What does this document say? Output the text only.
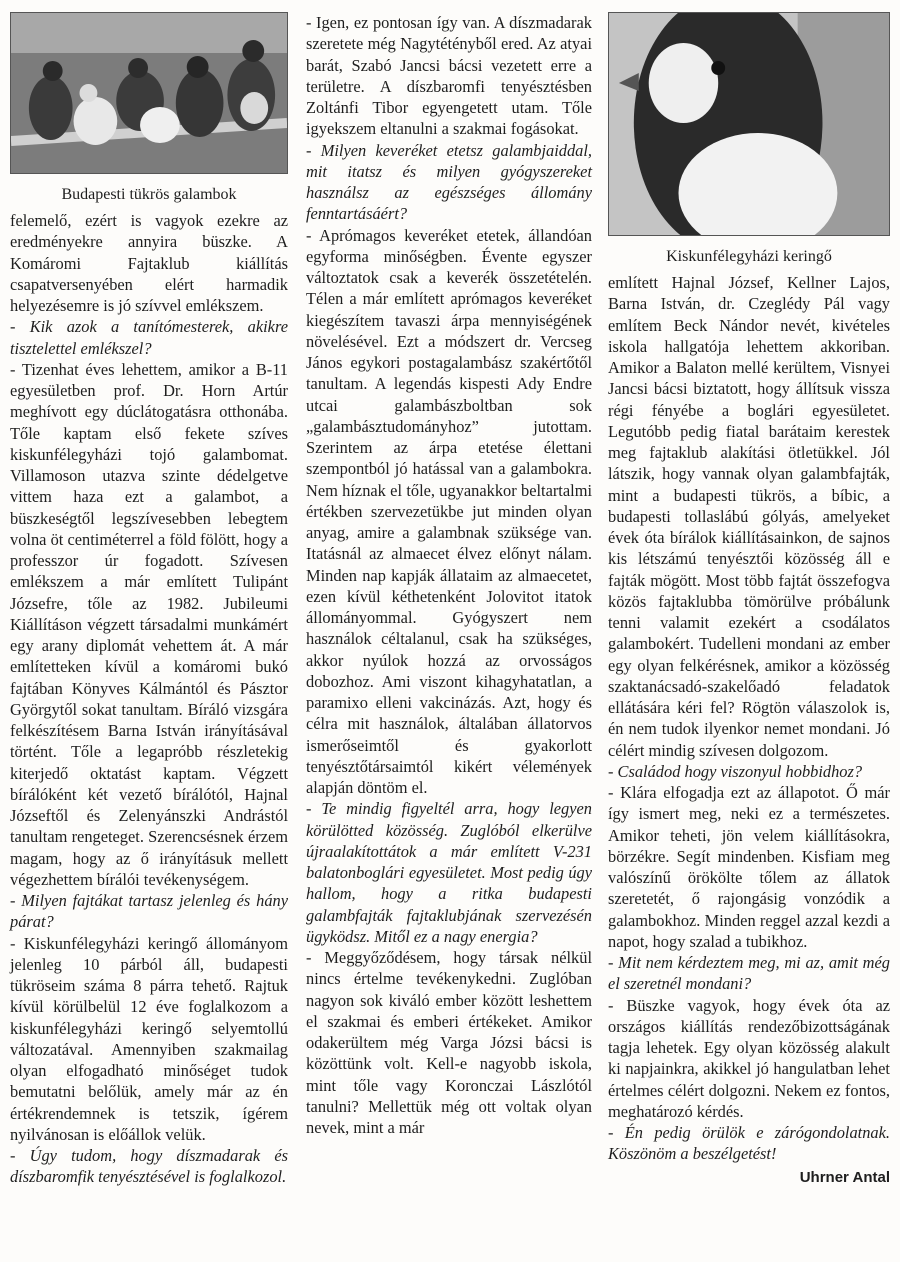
Budapesti tükrös galambok

felemelő, ezért is vagyok ezekre az eredményekre annyira büszke. A Komáromi Fajtaklub kiállítás csapatversenyében elért harmadik helyezésemre is jó szívvel emlékszem.

- Kik azok a tanítómesterek, akikre tisztelettel emlékszel?

- Tizenhat éves lehettem, amikor a B-11 egyesületben prof. Dr. Horn Artúr meghívott egy dúclátogatásra otthonába. Tőle kaptam első fekete szíves kiskunfélegyházi tojó galambomat. Villamoson utazva szinte dédelgetve vittem haza ezt a galambot, a büszkeségtől legszívesebben lebegtem volna öt centiméterrel a föld fölött, hogy a professzor úr fogadott. Szívesen emlékszem a már említett Tulipánt Józsefre, tőle az 1982. Jubileumi Kiállításon végzett társadalmi munkámért egy arany diplomát vehettem át. A már említetteken kívül a komáromi bukó fajtában Könyves Kálmántól és Pásztor Györgytől sokat tanultam. Bíráló vizsgára felkészítésem Barna István irányításával történt. Tőle a legapróbb részletekig kiterjedő oktatást kaptam. Végzett bírálóként két vezető bírálótól, Hajnal Józseftől és Zelenyánszki Andrástól tanultam rengeteget. Szerencsésnek érzem magam, hogy az ő irányításuk mellett végezhettem bírálói tevékenységem.

- Milyen fajtákat tartasz jelenleg és hány párat?

- Kiskunfélegyházi keringő állományom jelenleg 10 párból áll, budapesti tükröseim száma 8 párra tehető. Rajtuk kívül körülbelül 12 éve foglalkozom a kiskunfélegyházi keringő selyemtollú változatával. Amennyiben szakmailag olyan elfogadható minőséget tudok bemutatni belőlük, amely már az én értékrendemnek is tetszik, ígérem nyilvánosan is előállok velük.

- Úgy tudom, hogy díszmadarak és díszbaromfik tenyésztésével is foglalkozol.

- Igen, ez pontosan így van. A díszmadarak szeretete még Nagytétényből ered. Az atyai barát, Szabó Jancsi bácsi vezetett erre a területre. A díszbaromfi tenyésztésben Zoltánfi Tibor egyengetett utam. Tőle igyekszem eltanulni a szakmai fogásokat.

- Milyen keveréket etetsz galambjaiddal, mit itatsz és milyen gyógyszereket használsz az egészséges állomány fenntartásáért?

- Aprómagos keveréket etetek, állandóan egyforma minőségben. Évente egyszer változtatok csak a keverék összetételén. Télen a már említett aprómagos keveréket kiegészítem tavaszi árpa mennyiségének növelésével. Ezt a módszert dr. Vercseg János egykori postagalambász szakértőtől tanultam. A legendás kispesti Ady Endre utcai galambászboltban sok „galambásztudományhoz” jutottam. Szerintem az árpa etetése élettani szempontból jó hatással van a galambokra. Nem híznak el tőle, ugyanakkor beltartalmi értékben szervezetükbe jut minden olyan anyag, amire a galambnak szüksége van. Itatásnál az almaecet élvez előnyt nálam. Minden nap kapják állataim az almaecetet, ezen kívül kéthetenként Jolovitot itatok állományommal. Gyógyszert nem használok céltalanul, csak ha szükséges, akkor nyúlok hozzá az orvosságos dobozhoz. Ami viszont kihagyhatatlan, a paramixo elleni vakcinázás. Azt, hogy és célra mit használok, általában állatorvos ismerőseimtől és gyakorlott tenyésztőtársaimtól kikért vélemények alapján döntöm el.

- Te mindig figyeltél arra, hogy legyen körülötted közösség. Zuglóból elkerülve újraalakítottátok a már említett V-231 balatonboglári egyesületet. Most pedig úgy hallom, hogy a ritka budapesti galambfajták fajtaklubjának szervezésén ügyködsz. Mitől ez a nagy energia?

- Meggyőződésem, hogy társak nélkül nincs értelme tevékenykedni. Zuglóban nagyon sok kiváló ember között leshettem el szakmai és emberi értékeket. Amikor odakerültem még Varga Józsi bácsi is közöttünk volt. Kell-e nagyobb iskola, mint tőle vagy Koronczai Lászlótól tanulni? Mellettük még ott voltak olyan nevek, mint a már

Kiskunfélegyházi keringő

említett Hajnal József, Kellner Lajos, Barna István, dr. Czeglédy Pál vagy említem Beck Nándor nevét, kivételes iskola hallgatója lehettem akkoriban. Amikor a Balaton mellé kerültem, Visnyei Jancsi bácsi biztatott, hogy állítsuk vissza régi fényébe a boglári egyesületet. Legutóbb pedig fiatal barátaim kerestek meg fajtaklub alakítási ötletükkel. Jól látszik, hogy vannak olyan galambfajták, mint a budapesti tükrös, a bíbic, a budapesti tollaslábú gólyás, amelyeket évek óta bírálok kiállításainkon, de sajnos kis létszámú tenyésztői közösség áll e fajták mögött. Most több fajtát összefogva közös fajtaklubba tömörülve próbálunk tenni valamit ezekért a csodálatos galambokért. Tudelleni mondani az ember egy olyan felkérésnek, amikor a közösség szaktanácsadó-szakelőadó feladatok ellátására kéri fel? Rögtön válaszolok is, én nem tudok ilyenkor nemet mondani. Jó célért mindig szívesen dolgozom.

- Családod hogy viszonyul hobbidhoz?

- Klára elfogadja ezt az állapotot. Ő már így ismert meg, neki ez a természetes. Amikor teheti, jön velem kiállításokra, börzékre. Segít mindenben. Kisfiam meg valószínű örökölte tőlem az állatok szeretetét, ő rajongásig vonzódik a galambokhoz. Minden reggel azzal kezdi a napot, hogy szalad a tubikhoz.

- Mit nem kérdeztem meg, mi az, amit még el szeretnél mondani?

- Büszke vagyok, hogy évek óta az országos kiállítás rendezőbizottságának tagja lehetek. Egy olyan közösség alakult ki napjainkra, akikkel jó hangulatban lehet értelmes célért dolgozni. Nekem ez fontos, meghatározó kérdés.

- Én pedig örülök e zárógondolatnak. Köszönöm a beszélgetést!

Uhrner Antal
